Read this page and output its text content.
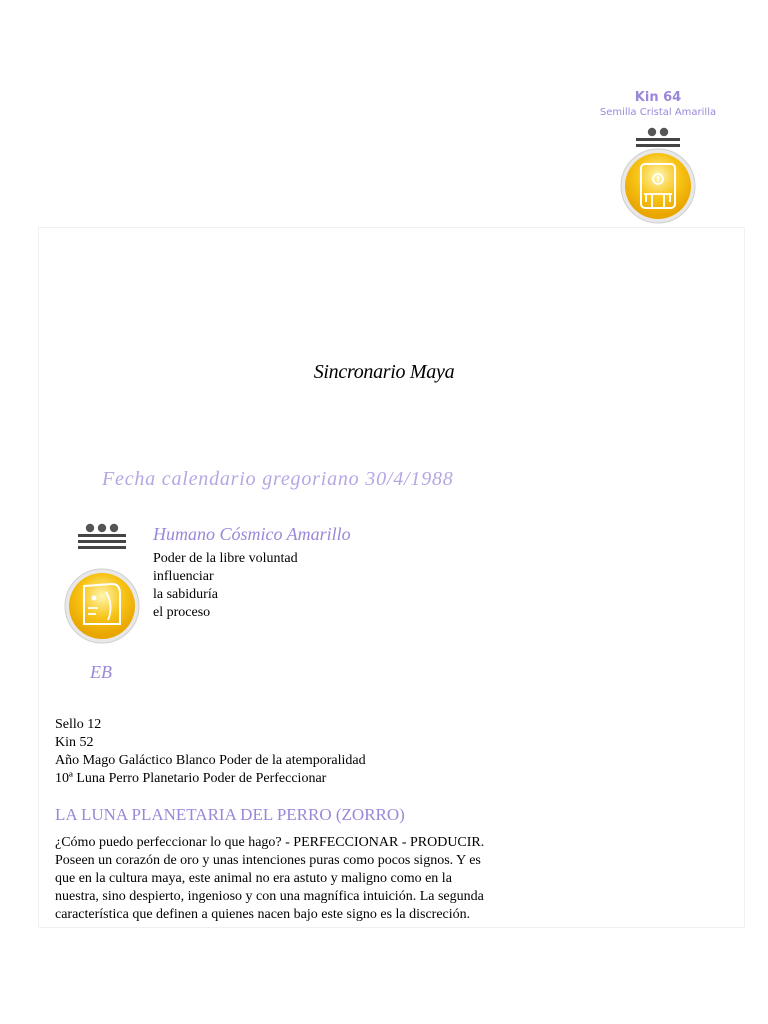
Kin 64
Semilla Cristal Amarilla
Sincronario Maya
Fecha calendario gregoriano 30/4/1988
Humano Cósmico Amarillo
Poder de la libre voluntad
influenciar
la sabiduría
el proceso
EB
Sello 12
Kin 52
Año Mago Galáctico Blanco Poder de la atemporalidad
10ª Luna Perro Planetario Poder de Perfeccionar
LA LUNA PLANETARIA DEL PERRO (ZORRO)
¿Cómo puedo perfeccionar lo que hago? - PERFECCIONAR - PRODUCIR.
Poseen un corazón de oro y unas intenciones puras como pocos signos. Y es
que en la cultura maya, este animal no era astuto y maligno como en la
nuestra, sino despierto, ingenioso y con una magnífica intuición. La segunda
característica que definen a quienes nacen bajo este signo es la discreción.
